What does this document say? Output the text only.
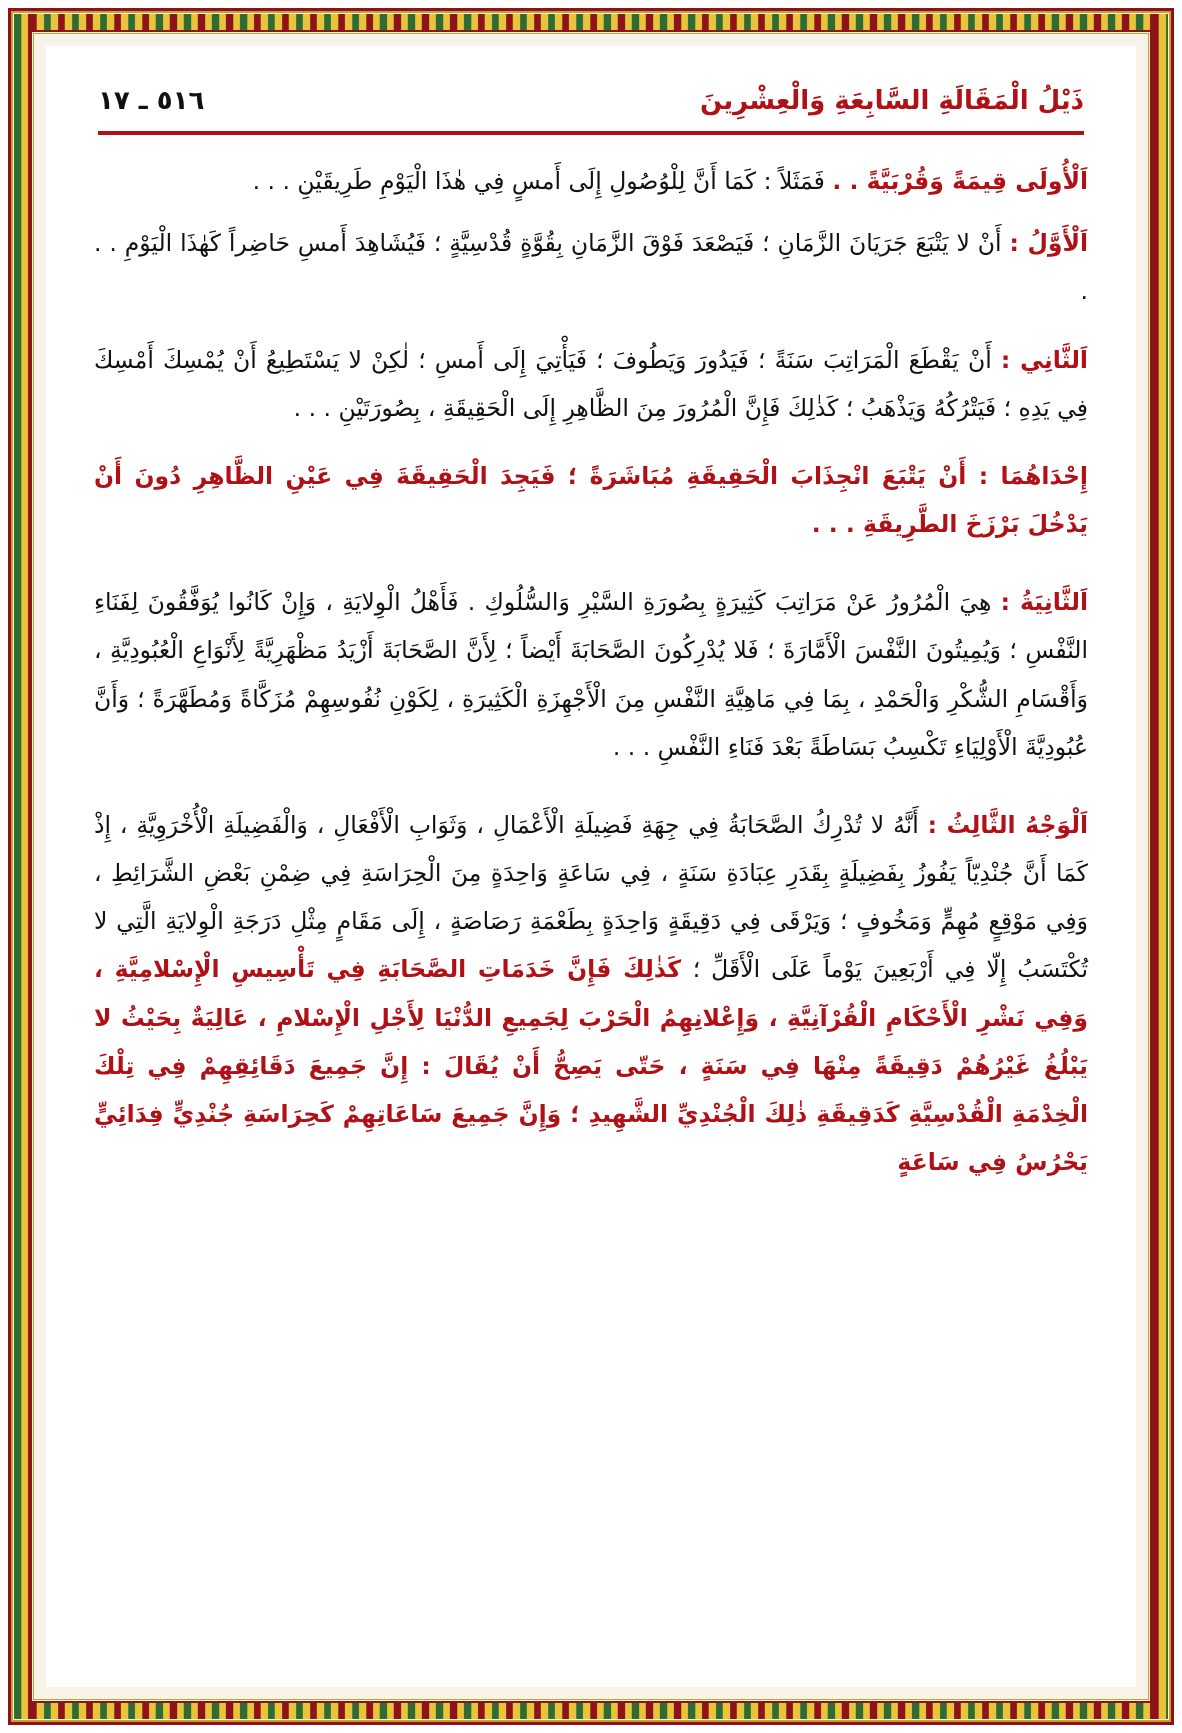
ذَيْلُ الْمَقَالَةِ السَّابِعَةِ وَالْعِشْرِينَ
٥١٦ ـ ١٧

اَلْأُولَى قِيمَةً وَقُرْبَيَّةً . . فَمَثَلاً : كَمَا أَنَّ لِلْوُصُولِ إِلَى أَمسٍ فِي هٰذَا الْيَوْمِ طَرِيقَيْنِ . . .

اَلْأَوَّلُ : أَنْ لا يَتْبَعَ جَرَيَانَ الزَّمَانِ ؛ فَيَصْعَدَ فَوْقَ الزَّمَانِ بِقُوَّةٍ قُدْسِيَّةٍ ؛ فَيُشَاهِدَ أَمسِ حَاضِراً كَهٰذَا الْيَوْمِ . . .

اَلثَّانِي : أَنْ يَقْطَعَ الْمَرَاتِبَ سَنَةً ؛ فَيَدُورَ وَيَطُوفَ ؛ فَيَأْتِيَ إِلَى أَمسِ ؛ لٰكِنْ لا يَسْتَطِيعُ أَنْ يُمْسِكَ أَمْسِكَ فِي يَدِهِ ؛ فَيَتْرُكُهُ وَيَذْهَبُ ؛ كَذٰلِكَ فَإِنَّ الْمُرُورَ مِنَ الظَّاهِرِ إِلَى الْحَقِيقَةِ ، بِصُورَتَيْنِ . . .

إِحْدَاهُمَا : أَنْ يَتْبَعَ انْجِذَابَ الْحَقِيقَةِ مُبَاشَرَةً ؛ فَيَجِدَ الْحَقِيقَةَ فِي عَيْنِ الظَّاهِرِ دُونَ أَنْ يَدْخُلَ بَرْزَخَ الطَّرِيقَةِ . . .

اَلثَّانِيَةُ : هِيَ الْمُرُورُ عَنْ مَرَاتِبَ كَثِيرَةٍ بِصُورَةِ السَّيْرِ وَالسُّلُوكِ . فَأَهْلُ الْوِلايَةِ ، وَإِنْ كَانُوا يُوَفَّقُونَ لِفَنَاءِ النَّفْسِ ؛ وَيُمِيتُونَ النَّفْسَ الْأَمَّارَةَ ؛ فَلا يُدْرِكُونَ الصَّحَابَةَ أَيْضاً ؛ لِأَنَّ الصَّحَابَةَ أَزْيَدُ مَظْهَرِيَّةً لِأَنْوَاعِ الْعُبُودِيَّةِ ، وَأَقْسَامِ الشُّكْرِ وَالْحَمْدِ ، بِمَا فِي مَاهِيَّةِ النَّفْسِ مِنَ الْأَجْهِزَةِ الْكَثِيرَةِ ، لِكَوْنِ نُفُوسِهِمْ مُزَكَّاةً وَمُطَهَّرَةً ؛ وَأَنَّ عُبُودِيَّةَ الْأَوْلِيَاءِ تَكْسِبُ بَسَاطَةً بَعْدَ فَنَاءِ النَّفْسِ . . .

اَلْوَجْهُ الثَّالِثُ : أَنَّهُ لا تُدْرِكُ الصَّحَابَةُ فِي جِهَةِ فَضِيلَةِ الْأَعْمَالِ ، وَثَوَابِ الْأَفْعَالِ ، وَالْفَضِيلَةِ الْأُخْرَوِيَّةِ ، إِذْ كَمَا أَنَّ جُنْدِيّاً يَفُوزُ بِفَضِيلَةٍ بِقَدَرِ عِبَادَةِ سَنَةٍ ، فِي سَاعَةٍ وَاحِدَةٍ مِنَ الْحِرَاسَةِ فِي ضِمْنِ بَعْضِ الشَّرَائِطِ ، وَفِي مَوْقِعٍ مُهِمٍّ وَمَخُوفٍ ؛ وَيَرْقَى فِي دَقِيقَةٍ وَاحِدَةٍ بِطَعْمَةِ رَصَاصَةٍ ، إِلَى مَقَامٍ مِثْلِ دَرَجَةِ الْوِلايَةِ الَّتِي لا تُكْتَسَبُ إِلّا فِي أَرْبَعِينَ يَوْماً عَلَى الْأَقَلِّ ؛ كَذٰلِكَ فَإِنَّ خَدَمَاتِ الصَّحَابَةِ فِي تَأْسِيسِ الْإِسْلامِيَّةِ ، وَفِي نَشْرِ الْأَحْكَامِ الْقُرْآنِيَّةِ ، وَإِعْلانِهِمُ الْحَرْبَ لِجَمِيعِ الدُّنْيَا لِأَجْلِ الْإِسْلامِ ، عَالِيَةٌ بِحَيْثُ لا يَبْلُغُ غَيْرُهُمْ دَقِيقَةً مِنْهَا فِي سَنَةٍ ، حَتّى يَصِحُّ أَنْ يُقَالَ : إِنَّ جَمِيعَ دَقَائِقِهِمْ فِي تِلْكَ الْخِدْمَةِ الْقُدْسِيَّةِ كَدَقِيقَةِ ذٰلِكَ الْجُنْدِيِّ الشَّهِيدِ ؛ وَإِنَّ جَمِيعَ سَاعَاتِهِمْ كَحِرَاسَةِ جُنْدِيٍّ فِدَائِيٍّ يَحْرُسُ فِي سَاعَةٍ
